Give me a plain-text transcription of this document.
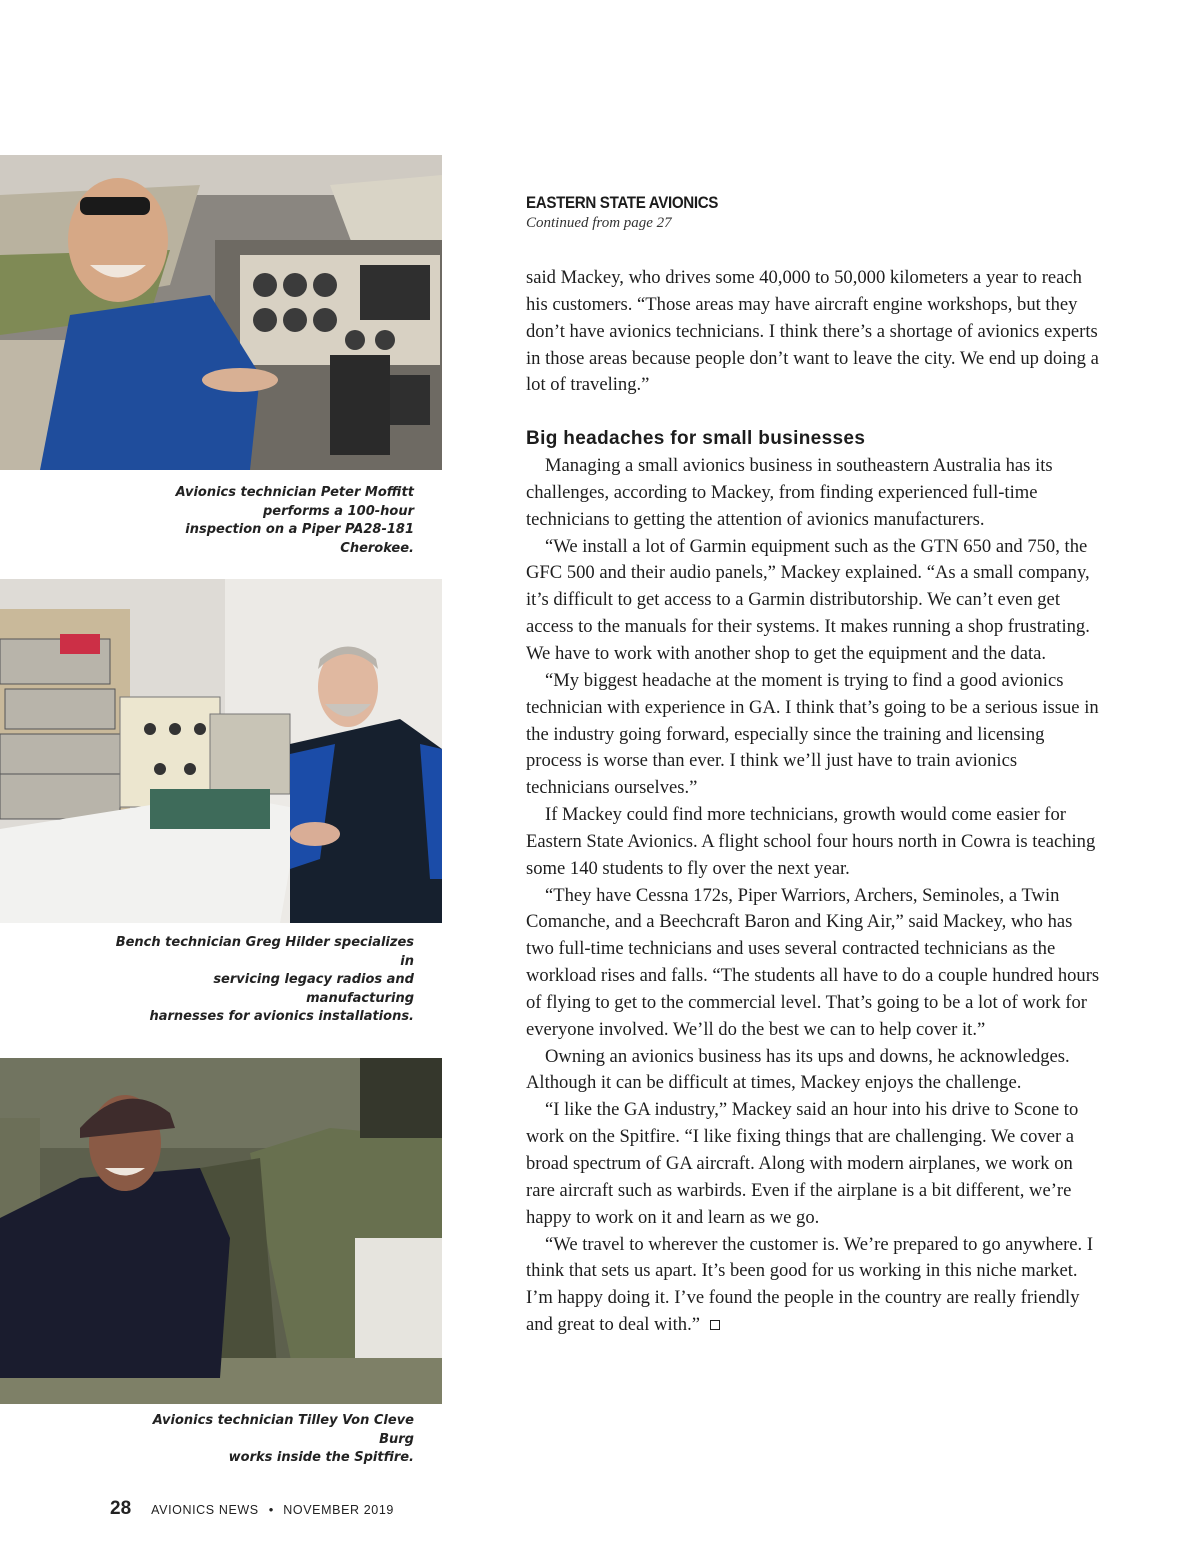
Avionics technician Peter Moffitt performs a 100-hour
inspection on a Piper PA28-181 Cherokee.
Bench technician Greg Hilder specializes in
servicing legacy radios and manufacturing
harnesses for avionics installations.
Avionics technician Tilley Von Cleve Burg
works inside the Spitfire.
EASTERN STATE AVIONICS
Continued from page 27

said Mackey, who drives some 40,000 to 50,000 kilometers a year to reach his customers. “Those areas may have aircraft engine workshops, but they don’t have avionics technicians. I think there’s a shortage of avionics experts in those areas because people don’t want to leave the city. We end up doing a lot of traveling.”

Big headaches for small businesses

Managing a small avionics business in southeastern Australia has its challenges, according to Mackey, from finding experienced full-time technicians to getting the attention of avionics manufacturers.

“We install a lot of Garmin equipment such as the GTN 650 and 750, the GFC 500 and their audio panels,” Mackey explained. “As a small company, it’s difficult to get access to a Garmin distributorship. We can’t even get access to the manuals for their systems. It makes running a shop frustrating. We have to work with another shop to get the equipment and the data.

“My biggest headache at the moment is trying to find a good avionics technician with experience in GA. I think that’s going to be a serious issue in the industry going forward, especially since the training and licensing process is worse than ever. I think we’ll just have to train avionics technicians ourselves.”

If Mackey could find more technicians, growth would come easier for Eastern State Avionics. A flight school four hours north in Cowra is teaching some 140 students to fly over the next year.

“They have Cessna 172s, Piper Warriors, Archers, Seminoles, a Twin Comanche, and a Beechcraft Baron and King Air,” said Mackey, who has two full-time technicians and uses several contracted technicians as the workload rises and falls. “The students all have to do a couple hundred hours of flying to get to the commercial level. That’s going to be a lot of work for everyone involved. We’ll do the best we can to help cover it.”

Owning an avionics business has its ups and downs, he acknowledges. Although it can be difficult at times, Mackey enjoys the challenge.

“I like the GA industry,” Mackey said an hour into his drive to Scone to work on the Spitfire. “I like fixing things that are challenging. We cover a broad spectrum of GA aircraft. Along with modern airplanes, we work on rare aircraft such as warbirds. Even if the airplane is a bit different, we’re happy to work on it and learn as we go.

“We travel to wherever the customer is. We’re prepared to go anywhere. I think that sets us apart. It’s been good for us working in this niche market. I’m happy doing it. I’ve found the people in the country are really friendly and great to deal with.”

28 AVIONICS NEWS • NOVEMBER 2019
